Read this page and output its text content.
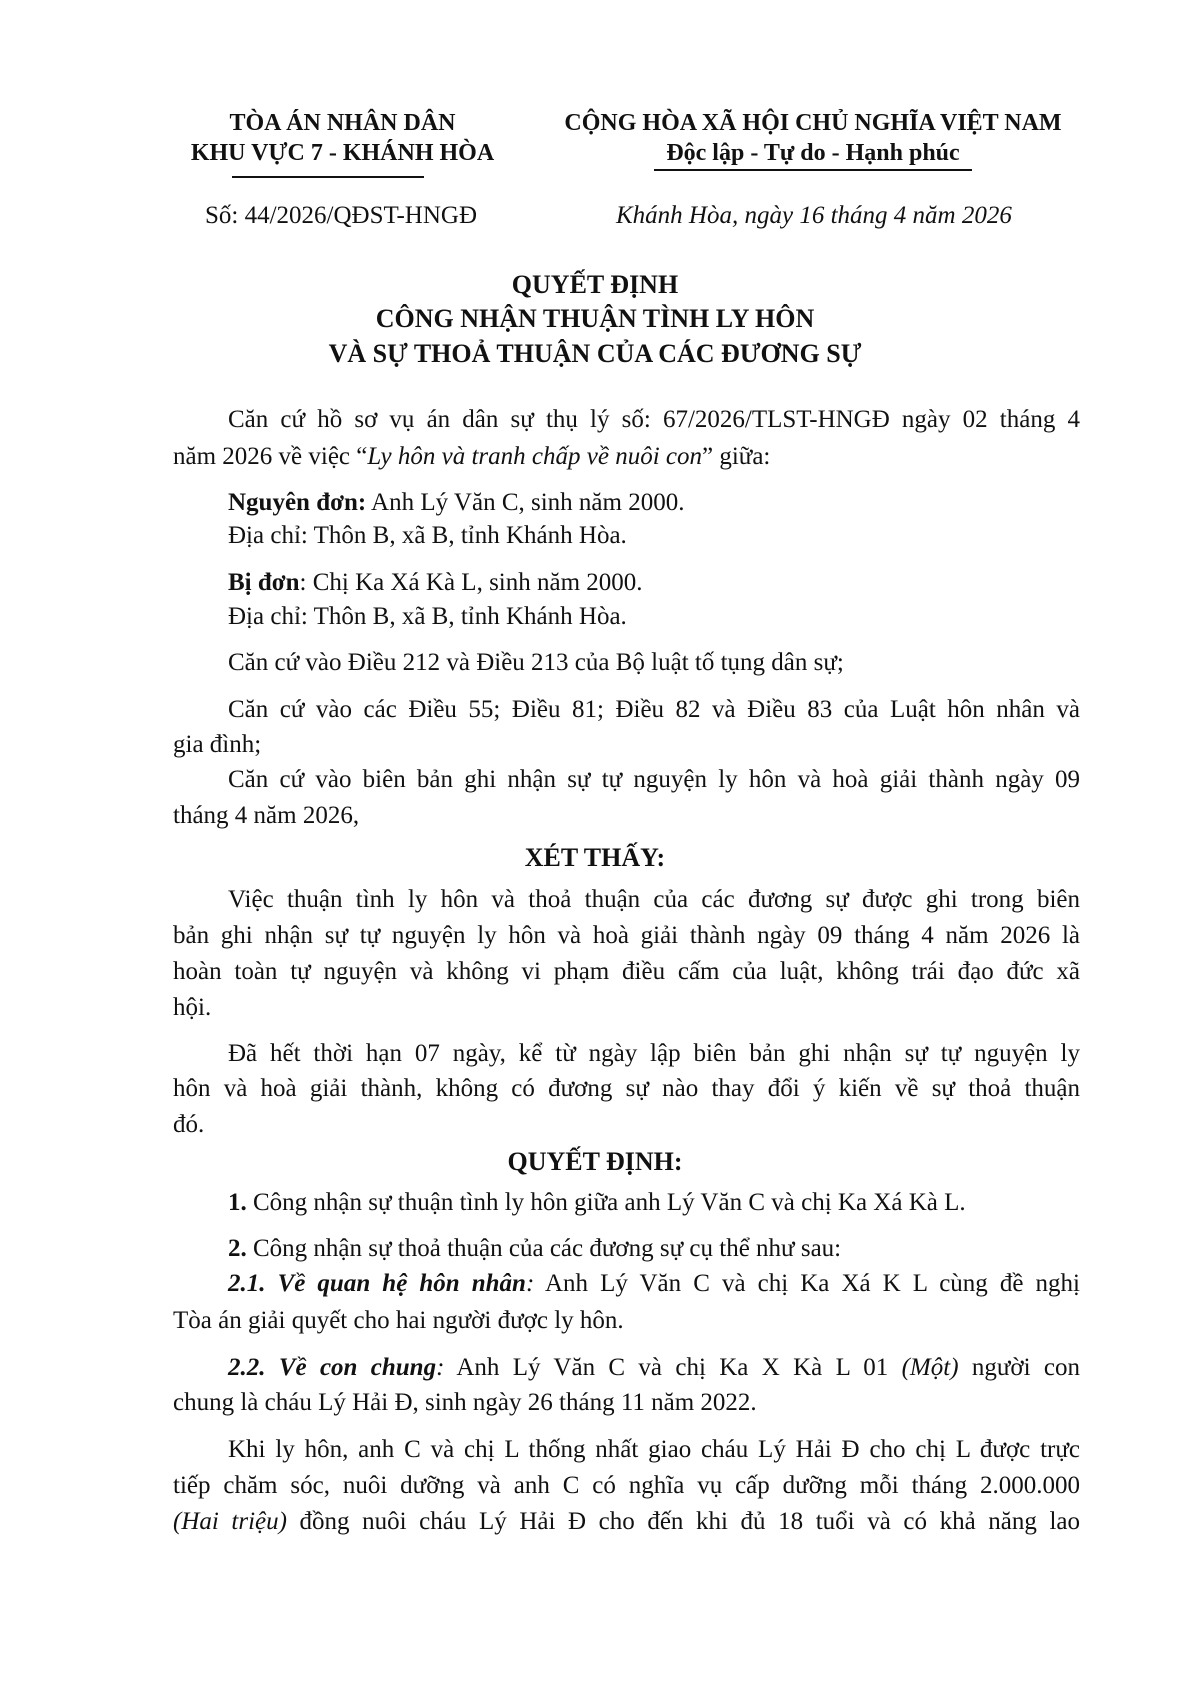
TÒA ÁN NHÂN DÂN
KHU VỰC 7 - KHÁNH HÒA
CỘNG HÒA XÃ HỘI CHỦ NGHĨA VIỆT NAM
Độc lập - Tự do - Hạnh phúc
Số: 44/2026/QĐST-HNGĐ	Khánh Hòa, ngày 16 tháng 4 năm 2026
QUYẾT ĐỊNH
CÔNG NHẬN THUẬN TÌNH LY HÔN
VÀ SỰ THOẢ THUẬN CỦA CÁC ĐƯƠNG SỰ
Căn cứ hồ sơ vụ án dân sự thụ lý số: 67/2026/TLST-HNGĐ ngày 02 tháng 4
năm 2026 về việc “Ly hôn và tranh chấp về nuôi con” giữa:
Nguyên đơn: Anh Lý Văn C, sinh năm 2000.
Địa chỉ: Thôn B, xã B, tỉnh Khánh Hòa.
Bị đơn: Chị Ka Xá Kà L, sinh năm 2000.
Địa chỉ: Thôn B, xã B, tỉnh Khánh Hòa.
Căn cứ vào Điều 212 và Điều 213 của Bộ luật tố tụng dân sự;
Căn cứ vào các Điều 55; Điều 81; Điều 82 và Điều 83 của Luật hôn nhân và
gia đình;
Căn cứ vào biên bản ghi nhận sự tự nguyện ly hôn và hoà giải thành ngày 09
tháng 4 năm 2026,
XÉT THẤY:
Việc thuận tình ly hôn và thoả thuận của các đương sự được ghi trong biên
bản ghi nhận sự tự nguyện ly hôn và hoà giải thành ngày 09 tháng 4 năm 2026 là
hoàn toàn tự nguyện và không vi phạm điều cấm của luật, không trái đạo đức xã
hội.
Đã hết thời hạn 07 ngày, kể từ ngày lập biên bản ghi nhận sự tự nguyện ly
hôn và hoà giải thành, không có đương sự nào thay đổi ý kiến về sự thoả thuận
đó.
QUYẾT ĐỊNH:
1. Công nhận sự thuận tình ly hôn giữa anh Lý Văn C và chị Ka Xá Kà L.
2. Công nhận sự thoả thuận của các đương sự cụ thể như sau:
2.1. Về quan hệ hôn nhân: Anh Lý Văn C và chị Ka Xá K L cùng đề nghị
Tòa án giải quyết cho hai người được ly hôn.
2.2. Về con chung: Anh Lý Văn C và chị Ka X Kà L 01 (Một) người con
chung là cháu Lý Hải Đ, sinh ngày 26 tháng 11 năm 2022.
Khi ly hôn, anh C và chị L thống nhất giao cháu Lý Hải Đ cho chị L được trực
tiếp chăm sóc, nuôi dưỡng và anh C có nghĩa vụ cấp dưỡng mỗi tháng 2.000.000
(Hai triệu) đồng nuôi cháu Lý Hải Đ cho đến khi đủ 18 tuổi và có khả năng lao
